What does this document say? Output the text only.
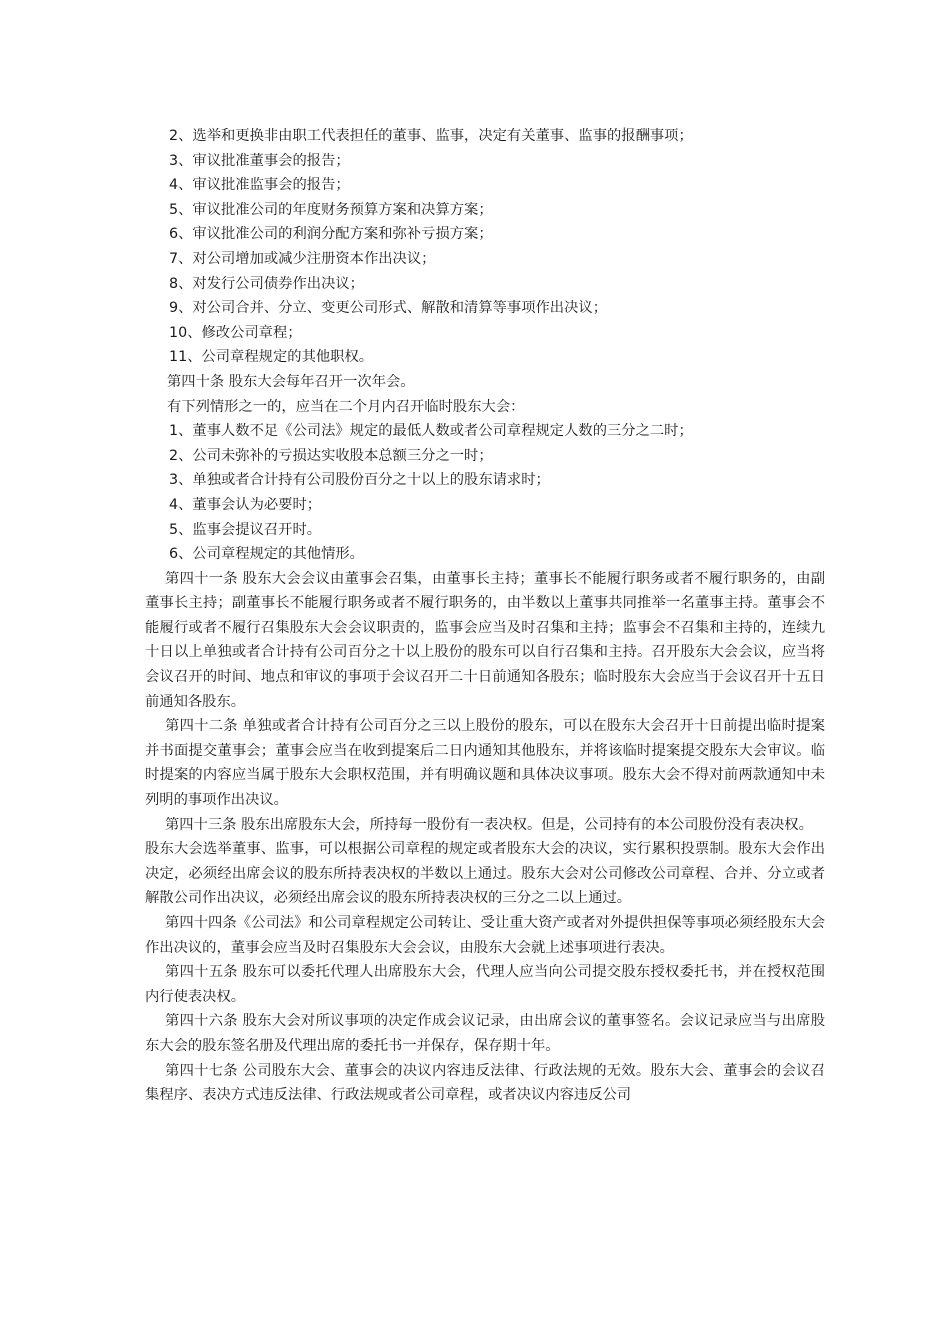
2、选举和更换非由职工代表担任的董事、监事，决定有关董事、监事的报酬事项；
3、审议批准董事会的报告；
4、审议批准监事会的报告；
5、审议批准公司的年度财务预算方案和决算方案；
6、审议批准公司的利润分配方案和弥补亏损方案；
7、对公司增加或减少注册资本作出决议；
8、对发行公司债券作出决议；
9、对公司合并、分立、变更公司形式、解散和清算等事项作出决议；
10、修改公司章程；
11、公司章程规定的其他职权。
第四十条 股东大会每年召开一次年会。
有下列情形之一的，应当在二个月内召开临时股东大会：
1、董事人数不足《公司法》规定的最低人数或者公司章程规定人数的三分之二时；
2、公司未弥补的亏损达实收股本总额三分之一时；
3、单独或者合计持有公司股份百分之十以上的股东请求时；
4、董事会认为必要时；
5、监事会提议召开时。
6、公司章程规定的其他情形。
第四十一条 股东大会会议由董事会召集，由董事长主持；董事长不能履行职务或者不履行职务的，由副董事长主持；副董事长不能履行职务或者不履行职务的，由半数以上董事共同推举一名董事主持。董事会不能履行或者不履行召集股东大会会议职责的，监事会应当及时召集和主持；监事会不召集和主持的，连续九十日以上单独或者合计持有公司百分之十以上股份的股东可以自行召集和主持。召开股东大会会议，应当将会议召开的时间、地点和审议的事项于会议召开二十日前通知各股东；临时股东大会应当于会议召开十五日前通知各股东。
第四十二条 单独或者合计持有公司百分之三以上股份的股东，可以在股东大会召开十日前提出临时提案并书面提交董事会；董事会应当在收到提案后二日内通知其他股东，并将该临时提案提交股东大会审议。临时提案的内容应当属于股东大会职权范围，并有明确议题和具体决议事项。股东大会不得对前两款通知中未列明的事项作出决议。
第四十三条 股东出席股东大会，所持每一股份有一表决权。但是，公司持有的本公司股份没有表决权。
股东大会选举董事、监事，可以根据公司章程的规定或者股东大会的决议，实行累积投票制。股东大会作出决定，必须经出席会议的股东所持表决权的半数以上通过。股东大会对公司修改公司章程、合并、分立或者解散公司作出决议，必须经出席会议的股东所持表决权的三分之二以上通过。
第四十四条《公司法》和公司章程规定公司转让、受让重大资产或者对外提供担保等事项必须经股东大会作出决议的，董事会应当及时召集股东大会会议，由股东大会就上述事项进行表决。
第四十五条 股东可以委托代理人出席股东大会，代理人应当向公司提交股东授权委托书，并在授权范围内行使表决权。
第四十六条 股东大会对所议事项的决定作成会议记录，由出席会议的董事签名。会议记录应当与出席股东大会的股东签名册及代理出席的委托书一并保存，保存期十年。
第四十七条 公司股东大会、董事会的决议内容违反法律、行政法规的无效。股东大会、董事会的会议召集程序、表决方式违反法律、行政法规或者公司章程，或者决议内容违反公司
